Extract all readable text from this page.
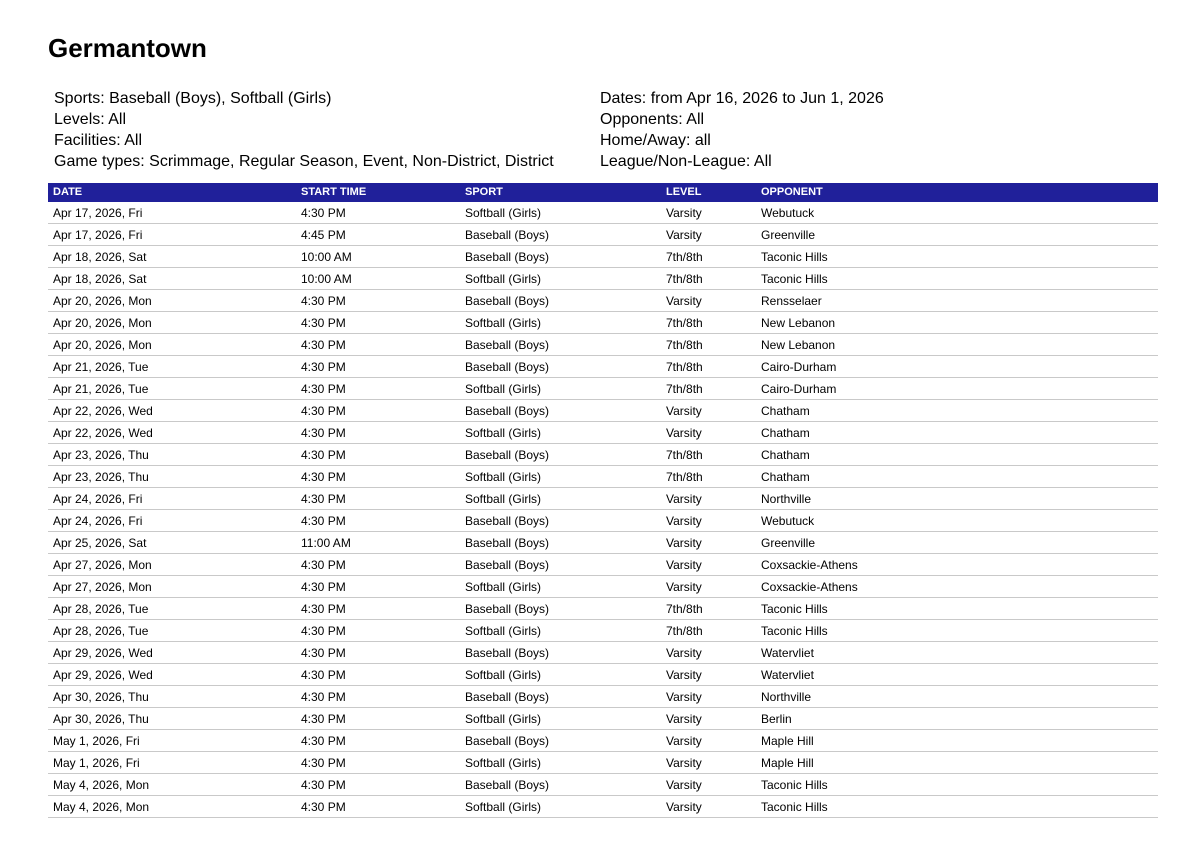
Germantown
Sports: Baseball (Boys), Softball (Girls)
Levels: All
Facilities: All
Game types: Scrimmage, Regular Season, Event, Non-District, District
Dates: from Apr 16, 2026 to Jun 1, 2026
Opponents: All
Home/Away: all
League/Non-League: All
DATE	START TIME	SPORT	LEVEL	OPPONENT
Apr 17, 2026, Fri	4:30 PM	Softball (Girls)	Varsity	Webutuck
Apr 17, 2026, Fri	4:45 PM	Baseball (Boys)	Varsity	Greenville
Apr 18, 2026, Sat	10:00 AM	Baseball (Boys)	7th/8th	Taconic Hills
Apr 18, 2026, Sat	10:00 AM	Softball (Girls)	7th/8th	Taconic Hills
Apr 20, 2026, Mon	4:30 PM	Baseball (Boys)	Varsity	Rensselaer
Apr 20, 2026, Mon	4:30 PM	Softball (Girls)	7th/8th	New Lebanon
Apr 20, 2026, Mon	4:30 PM	Baseball (Boys)	7th/8th	New Lebanon
Apr 21, 2026, Tue	4:30 PM	Baseball (Boys)	7th/8th	Cairo-Durham
Apr 21, 2026, Tue	4:30 PM	Softball (Girls)	7th/8th	Cairo-Durham
Apr 22, 2026, Wed	4:30 PM	Baseball (Boys)	Varsity	Chatham
Apr 22, 2026, Wed	4:30 PM	Softball (Girls)	Varsity	Chatham
Apr 23, 2026, Thu	4:30 PM	Baseball (Boys)	7th/8th	Chatham
Apr 23, 2026, Thu	4:30 PM	Softball (Girls)	7th/8th	Chatham
Apr 24, 2026, Fri	4:30 PM	Softball (Girls)	Varsity	Northville
Apr 24, 2026, Fri	4:30 PM	Baseball (Boys)	Varsity	Webutuck
Apr 25, 2026, Sat	11:00 AM	Baseball (Boys)	Varsity	Greenville
Apr 27, 2026, Mon	4:30 PM	Baseball (Boys)	Varsity	Coxsackie-Athens
Apr 27, 2026, Mon	4:30 PM	Softball (Girls)	Varsity	Coxsackie-Athens
Apr 28, 2026, Tue	4:30 PM	Baseball (Boys)	7th/8th	Taconic Hills
Apr 28, 2026, Tue	4:30 PM	Softball (Girls)	7th/8th	Taconic Hills
Apr 29, 2026, Wed	4:30 PM	Baseball (Boys)	Varsity	Watervliet
Apr 29, 2026, Wed	4:30 PM	Softball (Girls)	Varsity	Watervliet
Apr 30, 2026, Thu	4:30 PM	Baseball (Boys)	Varsity	Northville
Apr 30, 2026, Thu	4:30 PM	Softball (Girls)	Varsity	Berlin
May 1, 2026, Fri	4:30 PM	Baseball (Boys)	Varsity	Maple Hill
May 1, 2026, Fri	4:30 PM	Softball (Girls)	Varsity	Maple Hill
May 4, 2026, Mon	4:30 PM	Baseball (Boys)	Varsity	Taconic Hills
May 4, 2026, Mon	4:30 PM	Softball (Girls)	Varsity	Taconic Hills
